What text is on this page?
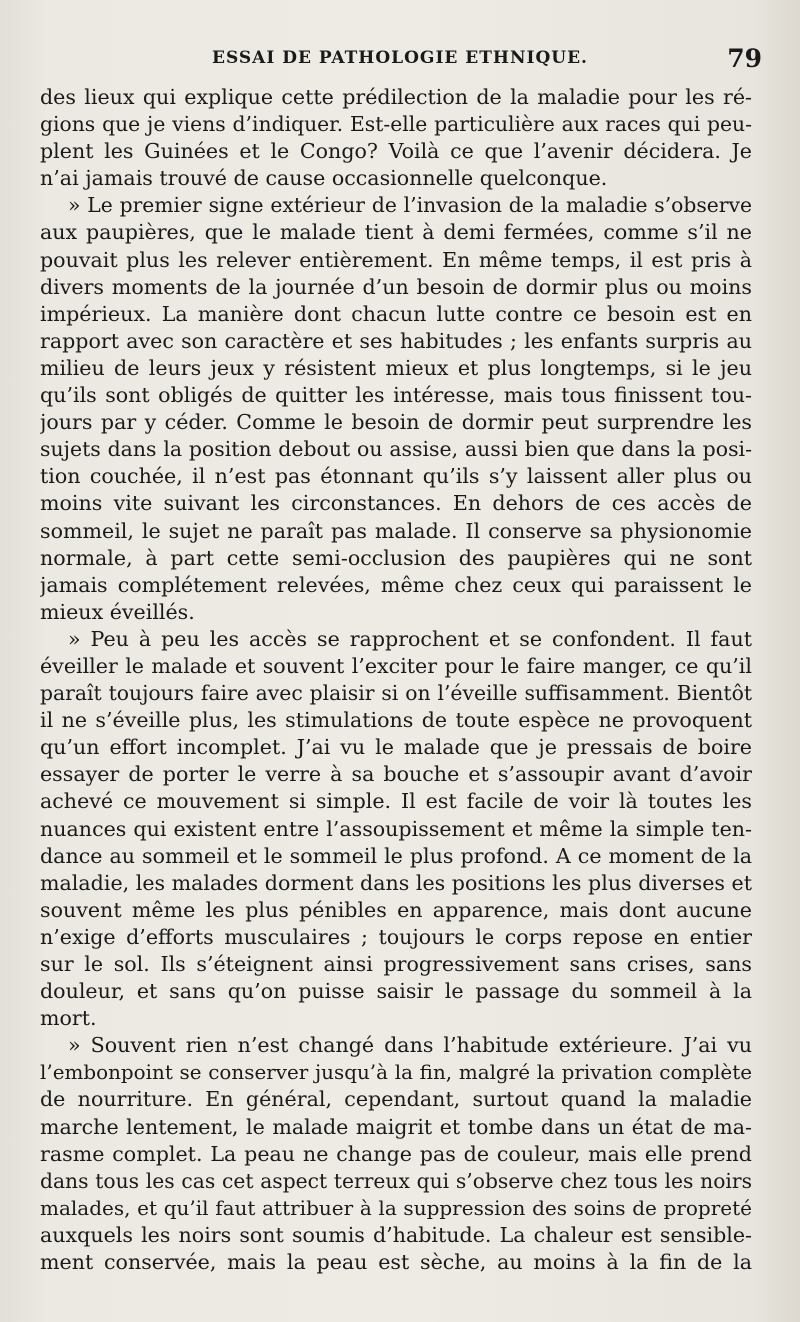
ESSAI DE PATHOLOGIE ETHNIQUE.	79
des lieux qui explique cette prédilection de la maladie pour les ré-
gions que je viens d’indiquer. Est-elle particulière aux races qui peu-
plent les Guinées et le Congo? Voilà ce que l’avenir décidera. Je
n’ai jamais trouvé de cause occasionnelle quelconque.
» Le premier signe extérieur de l’invasion de la maladie s’observe
aux paupières, que le malade tient à demi fermées, comme s’il ne
pouvait plus les relever entièrement. En même temps, il est pris à
divers moments de la journée d’un besoin de dormir plus ou moins
impérieux. La manière dont chacun lutte contre ce besoin est en
rapport avec son caractère et ses habitudes ; les enfants surpris au
milieu de leurs jeux y résistent mieux et plus longtemps, si le jeu
qu’ils sont obligés de quitter les intéresse, mais tous finissent tou-
jours par y céder. Comme le besoin de dormir peut surprendre les
sujets dans la position debout ou assise, aussi bien que dans la posi-
tion couchée, il n’est pas étonnant qu’ils s’y laissent aller plus ou
moins vite suivant les circonstances. En dehors de ces accès de
sommeil, le sujet ne paraît pas malade. Il conserve sa physionomie
normale, à part cette semi-occlusion des paupières qui ne sont
jamais complétement relevées, même chez ceux qui paraissent le
mieux éveillés.
» Peu à peu les accès se rapprochent et se confondent. Il faut
éveiller le malade et souvent l’exciter pour le faire manger, ce qu’il
paraît toujours faire avec plaisir si on l’éveille suffisamment. Bientôt
il ne s’éveille plus, les stimulations de toute espèce ne provoquent
qu’un effort incomplet. J’ai vu le malade que je pressais de boire
essayer de porter le verre à sa bouche et s’assoupir avant d’avoir
achevé ce mouvement si simple. Il est facile de voir là toutes les
nuances qui existent entre l’assoupissement et même la simple ten-
dance au sommeil et le sommeil le plus profond. A ce moment de la
maladie, les malades dorment dans les positions les plus diverses et
souvent même les plus pénibles en apparence, mais dont aucune
n’exige d’efforts musculaires ; toujours le corps repose en entier
sur le sol. Ils s’éteignent ainsi progressivement sans crises, sans
douleur, et sans qu’on puisse saisir le passage du sommeil à la
mort.
» Souvent rien n’est changé dans l’habitude extérieure. J’ai vu
l’embonpoint se conserver jusqu’à la fin, malgré la privation complète
de nourriture. En général, cependant, surtout quand la maladie
marche lentement, le malade maigrit et tombe dans un état de ma-
rasme complet. La peau ne change pas de couleur, mais elle prend
dans tous les cas cet aspect terreux qui s’observe chez tous les noirs
malades, et qu’il faut attribuer à la suppression des soins de propreté
auxquels les noirs sont soumis d’habitude. La chaleur est sensible-
ment conservée, mais la peau est sèche, au moins à la fin de la
